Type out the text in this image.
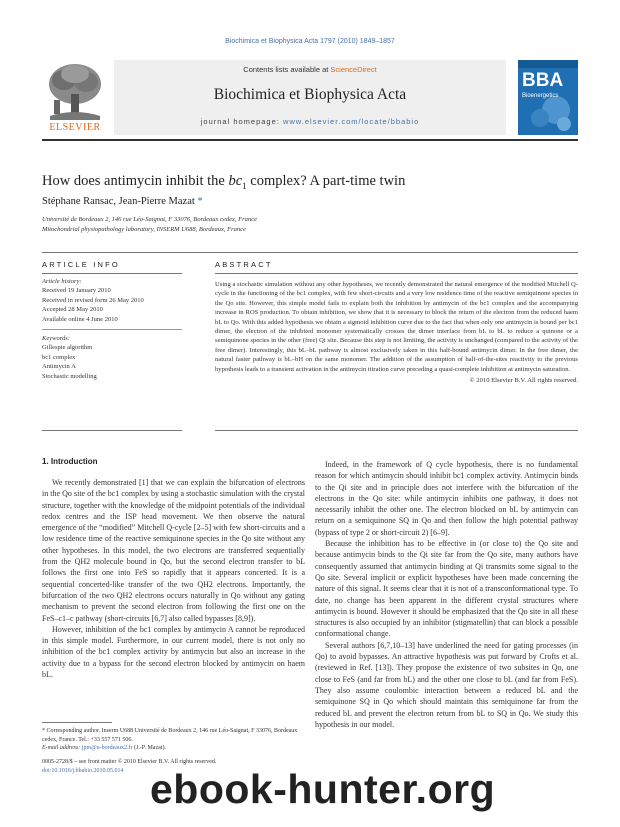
Biochimica et Biophysica Acta 1797 (2010) 1849–1857
ELSEVIER
Contents lists available at ScienceDirect
Biochimica et Biophysica Acta
journal homepage: www.elsevier.com/locate/bbabio
BBA
Bioenergetics
How does antimycin inhibit the $bc_1$ complex? A part-time twin
Stéphane Ransac, Jean-Pierre Mazat *
Université de Bordeaux 2, 146 rue Léo-Saignat, F 33076, Bordeaux cedex, France
Mitochondrial physiopathology laboratory, INSERM U688, Bordeaux, France
ARTICLE INFO	ABSTRACT
Article history:
Received 19 January 2010
Received in revised form 26 May 2010
Accepted 28 May 2010
Available online 4 June 2010
Keywords:
Gillespie algorithm
bc1 complex
Antimycin A
Stochastic modelling
Using a stochastic simulation without any other hypotheses, we recently demonstrated the natural emergence of the modified Mitchell Q-cycle in the functioning of the bc1 complex, with few short-circuits and a very low residence time of the reactive semiquinone species in the Qo site. However, this simple model fails to explain both the inhibition by antimycin of the bc1 complex and the accompanying increase in ROS production. To obtain inhibition, we show that it is necessary to block the return of the electron from the reduced haem bL to Qo. With this added hypothesis we obtain a sigmoid inhibition curve due to the fact that when only one antimycin is bound per bc1 dimer, the electron of the inhibited monomer systematically crosses the dimer interface from bL to bL to reduce a quinone or a semiquinone species in the other (free) Qi site. Because this step is not limiting, the activity is unchanged (compared to the activity of the free dimer). Interestingly, this bL–bL pathway is almost exclusively taken in this half-bound antimycin dimer. In the free dimer, the natural faster pathway is bL–bH on the same monomer. The addition of the assumption of half-of-the-sites reactivity to the previous hypothesis leads to a transient activation in the antimycin titration curve preceding a quasi-complete inhibition at antimycin saturation.
© 2010 Elsevier B.V. All rights reserved.
1. Introduction

We recently demonstrated [1] that we can explain the bifurcation of electrons in the Qo site of the bc1 complex by using a stochastic simulation with the crystal structure, together with the knowledge of the midpoint potentials of the individual redox centres and the ISP head movement. We then observe the natural emergence of the “modified” Mitchell Q-cycle [2–5] with few short-circuits and a low residence time of the reactive semiquinone species in the Qo site without any other hypotheses. In this model, the two electrons are transferred sequentially from the QH2 molecule bound in Qo, but the second electron transfer to bL follows the first one into FeS so rapidly that it appears concerted. It is a sequential concerted-like transfer of the two QH2 electrons. Importantly, the bifurcation of the two QH2 electrons occurs naturally in Qo without any gating mechanism to prevent the second electron from following the first one on the FeS–c1–c pathway (short-circuits [6,7] also called bypasses [8,9]).

However, inhibition of the bc1 complex by antimycin A cannot be reproduced in this simple model. Furthermore, in our current model, there is not only no inhibition of the bc1 complex activity by antimycin but also an increase in the activity due to a bypass for the second electron blocked by antimycin on haem bL.

Indeed, in the framework of Q cycle hypothesis, there is no fundamental reason for which antimycin should inhibit bc1 complex activity. Antimycin binds to the Qi site and in principle does not interfere with the bifurcation of the electrons in the Qo site: while antimycin inhibits one pathway, it does not necessarily inhibit the other one. The electron blocked on bL by antimycin can return on a semiquinone SQ in Qo and then follow the high potential pathway (bypass of type 2 or short-circuit 2) [6–9].

Because the inhibition has to be effective in (or close to) the Qo site and because antimycin binds to the Qi site far from the Qo site, many authors have consequently assumed that antimycin binding at Qi transmits some signal to the Qo site. Several implicit or explicit hypotheses have been made concerning the nature of this signal. It seems clear that it is not of a transconformational type. To date, no change has been apparent in the different crystal structures where antimycin is bound. However it should be emphasized that the Qo site in all these structures is also occupied by an inhibitor (stigmatellin) that can block a possible conformational change.

Several authors [6,7,10–13] have underlined the need for gating processes (in Qo) to avoid bypasses. An attractive hypothesis was put forward by Crofts et al. (reviewed in Ref. [13]). They propose the existence of two subsites in Qo, one close to FeS (and far from bL) and the other one close to bL (and far from FeS). They also assume coulombic interaction between a reduced bL and the semiquinone SQ in Qo which should maintain this semiquinone far from the reduced bL and prevent the electron return from bL to SQ in Qo. We study this hypothesis in our model.

* Corresponding author. Inserm U688 Université de Bordeaux 2, 146 rue Léo-Saignat, F 33076, Bordeaux cedex, France. Tel.: +33 557 571 506.
E-mail address: jpm@u-bordeaux2.fr (J.-P. Mazat).
0005-2728/$ – see front matter © 2010 Elsevier B.V. All rights reserved.
doi:10.1016/j.bbabio.2010.05.014 ebook-hunter.org
